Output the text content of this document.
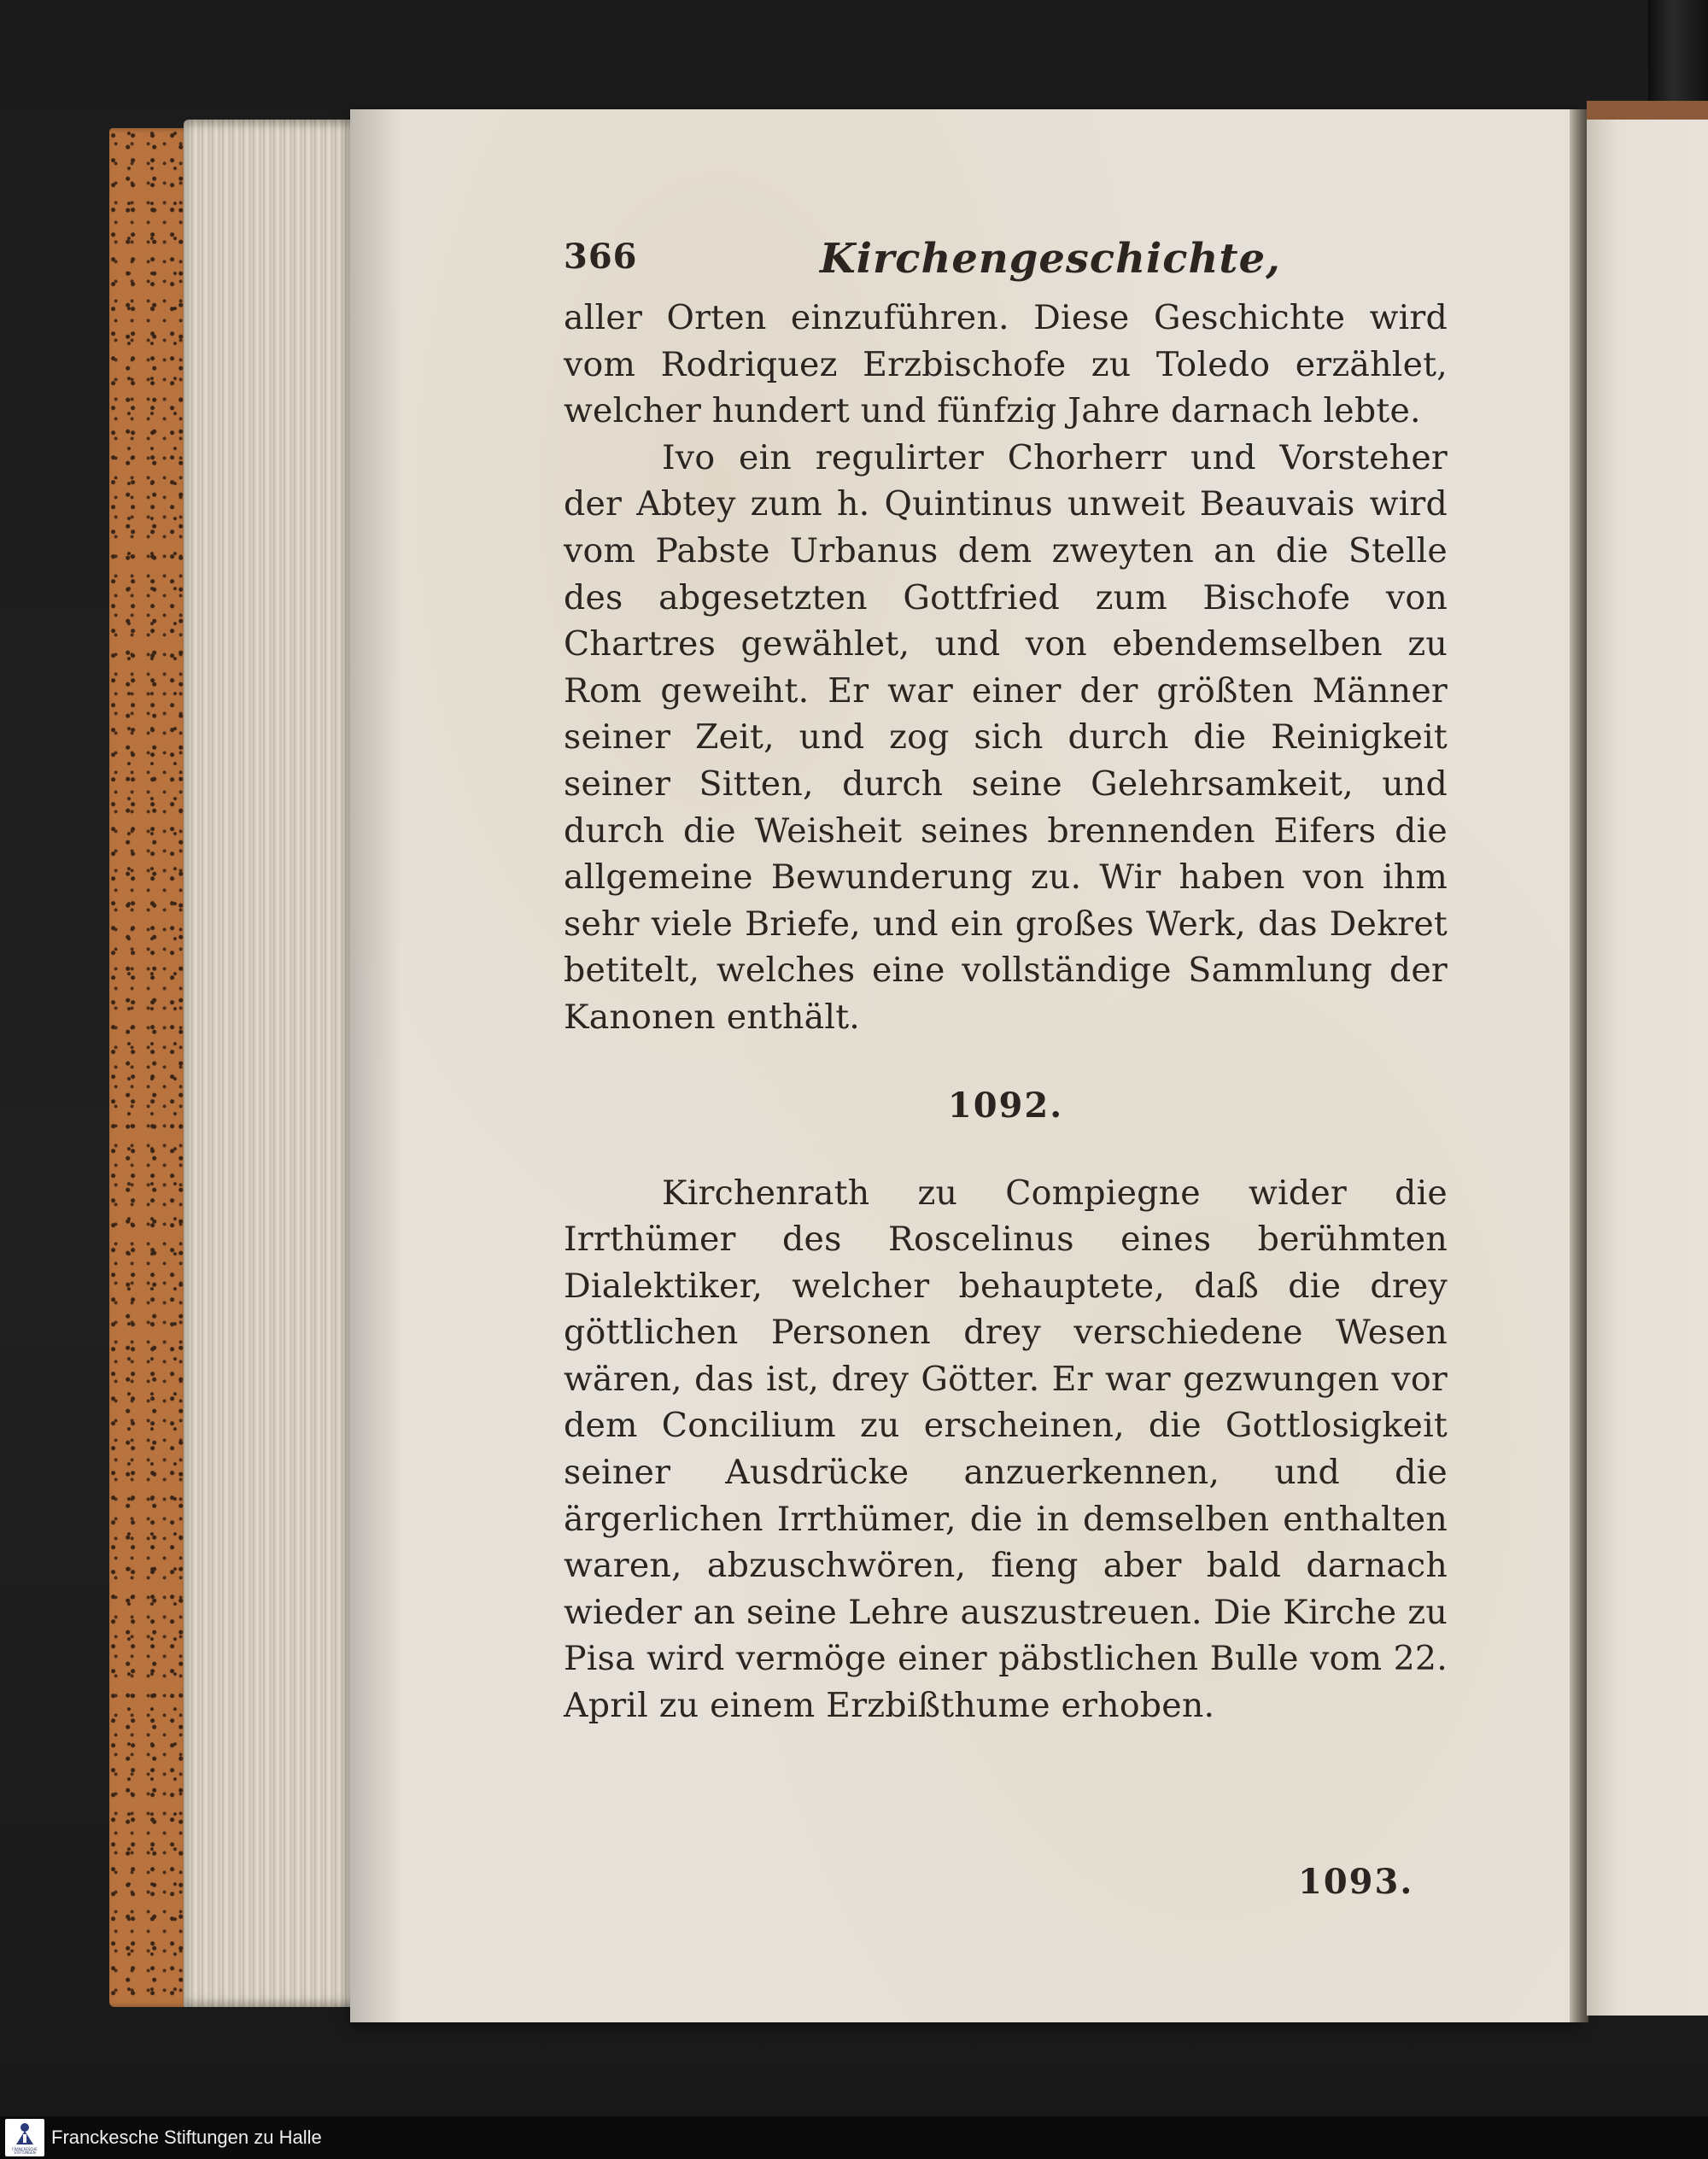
366	Kirchengeschichte,

aller Orten einzuführen. Diese Geschichte wird vom Rodriquez Erzbischofe zu Toledo erzählet, welcher hundert und fünfzig Jahre darnach lebte.

Ivo ein regulirter Chorherr und Vorsteher der Abtey zum h. Quintinus unweit Beauvais wird vom Pabste Urbanus dem zweyten an die Stelle des abgesetzten Gottfried zum Bischofe von Chartres gewählet, und von ebendemselben zu Rom geweiht. Er war einer der größten Männer seiner Zeit, und zog sich durch die Reinigkeit seiner Sitten, durch seine Gelehrsamkeit, und durch die Weisheit seines brennenden Eifers die allgemeine Bewunderung zu. Wir haben von ihm sehr viele Briefe, und ein großes Werk, das Dekret betitelt, welches eine vollständige Sammlung der Kanonen enthält.

1092.

Kirchenrath zu Compiegne wider die Irrthümer des Roscelinus eines berühmten Dialektiker, welcher behauptete, daß die drey göttlichen Personen drey verschiedene Wesen wären, das ist, drey Götter. Er war gezwungen vor dem Concilium zu erscheinen, die Gottlosigkeit seiner Ausdrücke anzuerkennen, und die ärgerlichen Irrthümer, die in demselben enthalten waren, abzuschwören, fieng aber bald darnach wieder an seine Lehre auszustreuen. Die Kirche zu Pisa wird vermöge einer päbstlichen Bulle vom 22. April zu einem Erzbißthume erhoben.

1093.
FRANCKESCHE STIFTUNGEN
Franckesche Stiftungen zu Halle
